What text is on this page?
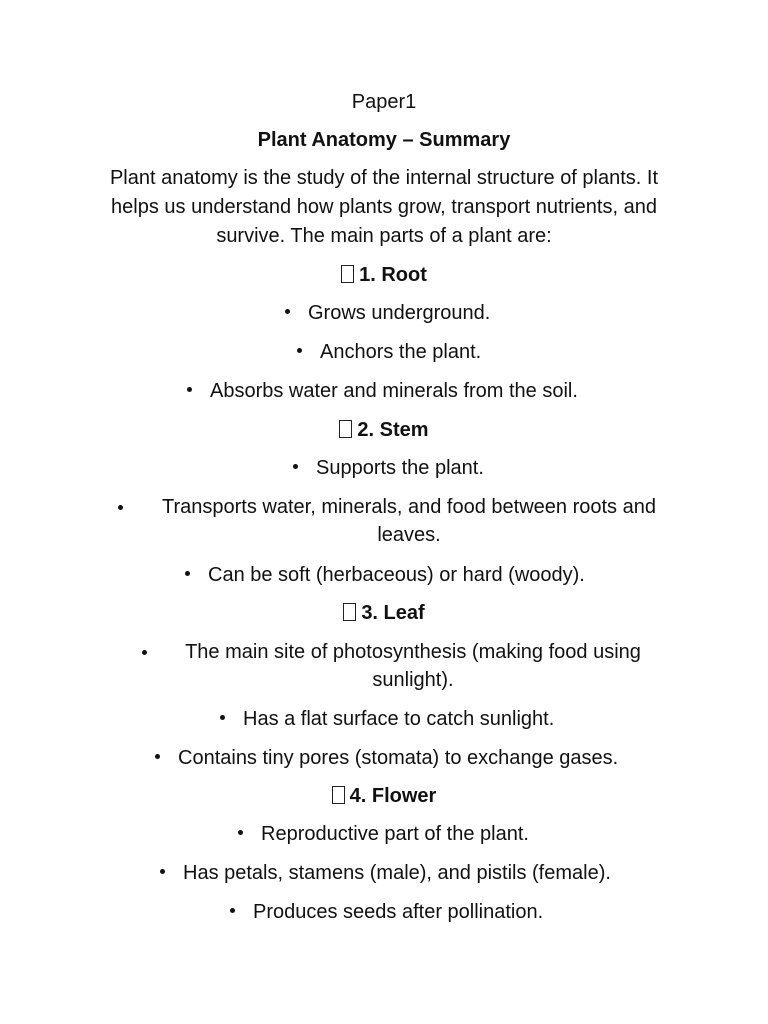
Paper1
Plant Anatomy – Summary
Plant anatomy is the study of the internal structure of plants. It helps us understand how plants grow, transport nutrients, and survive. The main parts of a plant are:
1. Root
Grows underground.
Anchors the plant.
Absorbs water and minerals from the soil.
2. Stem
Supports the plant.
Transports water, minerals, and food between roots and leaves.
Can be soft (herbaceous) or hard (woody).
3. Leaf
The main site of photosynthesis (making food using sunlight).
Has a flat surface to catch sunlight.
Contains tiny pores (stomata) to exchange gases.
4. Flower
Reproductive part of the plant.
Has petals, stamens (male), and pistils (female).
Produces seeds after pollination.
